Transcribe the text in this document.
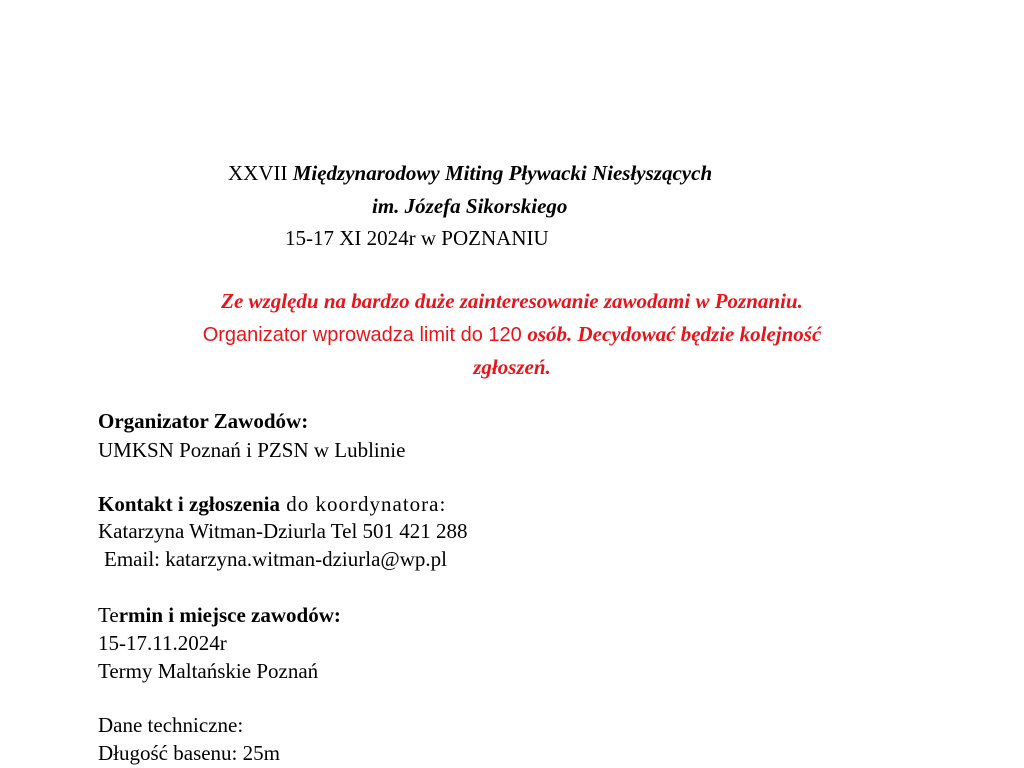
XXVII Międzynarodowy Miting Pływacki Niesłyszących
im. Józefa Sikorskiego
15-17 XI 2024r w POZNANIU
Ze względu na bardzo duże zainteresowanie zawodami w Poznaniu.
Organizator wprowadza limit do 120 osób. Decydować będzie kolejność
zgłoszeń.
Organizator Zawodów:
UMKSN Poznań i PZSN w Lublinie
Kontakt i zgłoszenia do koordynatora:
Katarzyna Witman-Dziurla Tel 501 421 288
Email: katarzyna.witman-dziurla@wp.pl
Termin i miejsce zawodów:
15-17.11.2024r
Termy Maltańskie Poznań
Dane techniczne:
Długość basenu: 25m
